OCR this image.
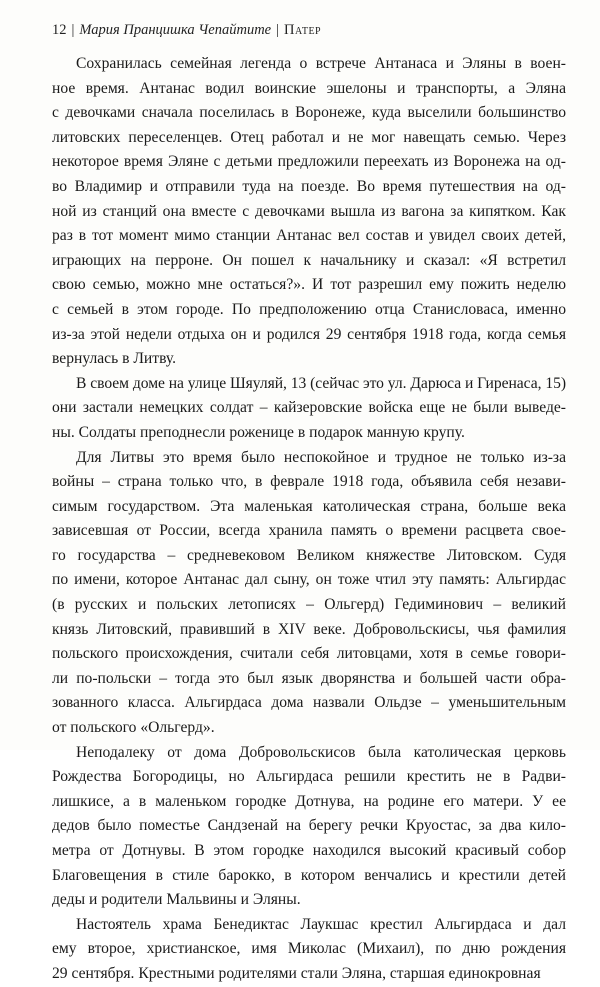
12 | Мария Пранцишка Чепайтите | Патер
Сохранилась семейная легенда о встрече Антанаса и Эляны в воен-
ное время. Антанас водил воинские эшелоны и транспорты, а Эляна
с девочками сначала поселилась в Воронеже, куда выселили большинство
литовских переселенцев. Отец работал и не мог навещать семью. Через
некоторое время Эляне с детьми предложили переехать из Воронежа на од-
во Владимир и отправили туда на поезде. Во время путешествия на од-
ной из станций она вместе с девочками вышла из вагона за кипятком. Как
раз в тот момент мимо станции Антанас вел состав и увидел своих детей,
играющих на перроне. Он пошел к начальнику и сказал: «Я встретил
свою семью, можно мне остаться?». И тот разрешил ему пожить неделю
с семьей в этом городе. По предположению отца Станисловаса, именно
из-за этой недели отдыха он и родился 29 сентября 1918 года, когда семья
вернулась в Литву.
В своем доме на улице Шяуляй, 13 (сейчас это ул. Дарюса и Гиренаса, 15)
они застали немецких солдат – кайзеровские войска еще не были выведе-
ны. Солдаты преподнесли роженице в подарок манную крупу.
Для Литвы это время было неспокойное и трудное не только из-за
войны – страна только что, в феврале 1918 года, объявила себя незави-
симым государством. Эта маленькая католическая страна, больше века
зависевшая от России, всегда хранила память о времени расцвета свое-
го государства – средневековом Великом княжестве Литовском. Судя
по имени, которое Антанас дал сыну, он тоже чтил эту память: Альгирдас
(в русских и польских летописях – Ольгерд) Гедиминович – великий
князь Литовский, правивший в XIV веке. Добровольскисы, чья фамилия
польского происхождения, считали себя литовцами, хотя в семье говори-
ли по-польски – тогда это был язык дворянства и большей части обра-
зованного класса. Альгирдаса дома назвали Ольдзе – уменьшительным
от польского «Ольгерд».
Неподалеку от дома Добровольскисов была католическая церковь
Рождества Богородицы, но Альгирдаса решили крестить не в Радви-
лишкисе, а в маленьком городке Дотнува, на родине его матери. У ее
дедов было поместье Сандзенай на берегу речки Круостас, за два кило-
метра от Дотнувы. В этом городке находился высокий красивый собор
Благовещения в стиле барокко, в котором венчались и крестили детей
деды и родители Мальвины и Эляны.
Настоятель храма Бенедиктас Лаукшас крестил Альгирдаса и дал
ему второе, христианское, имя Миколас (Михаил), по дню рождения
29 сентября. Крестными родителями стали Эляна, старшая единокровная
